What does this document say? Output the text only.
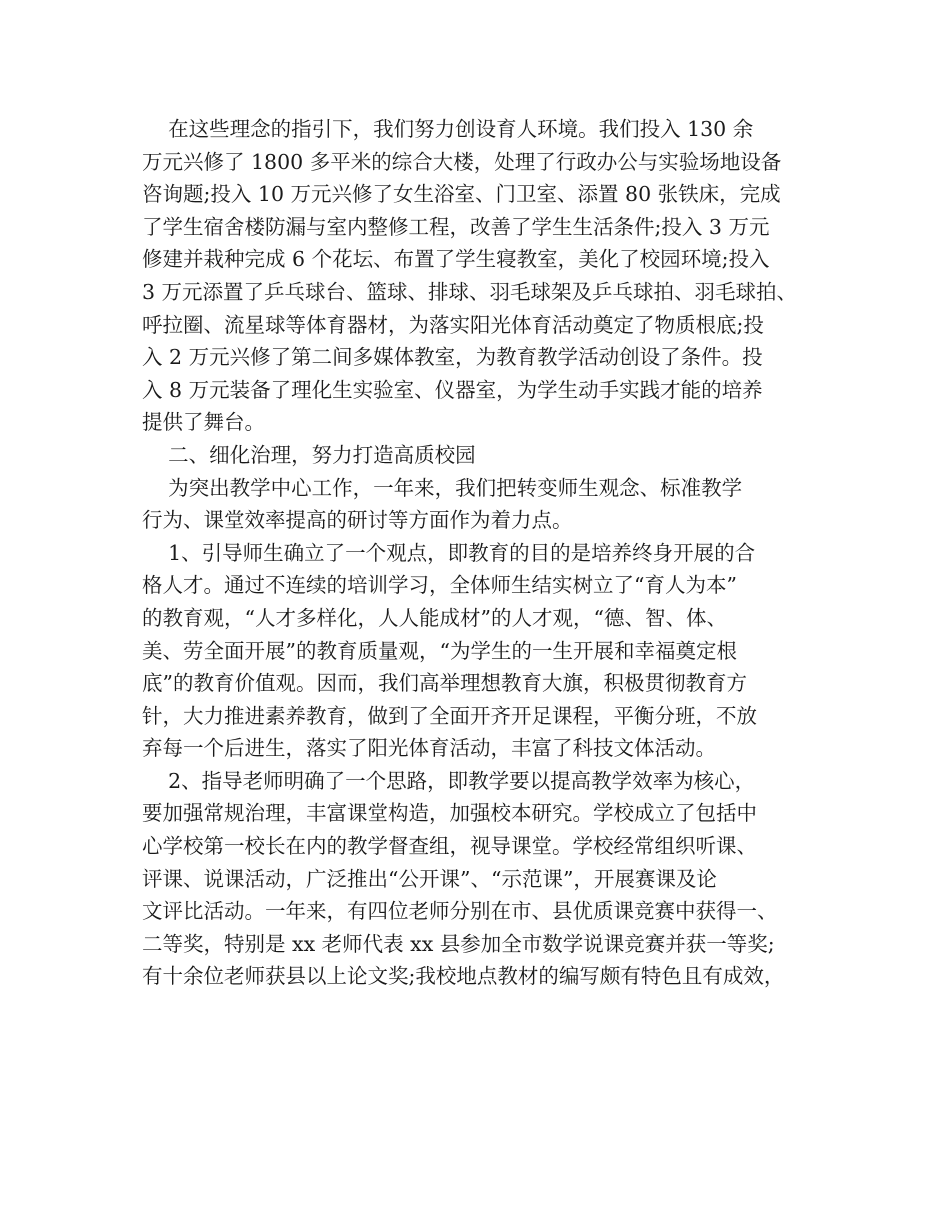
在这些理念的指引下，我们努力创设育人环境。我们投入 130 余
万元兴修了 1800 多平米的综合大楼，处理了行政办公与实验场地设备
咨询题;投入 10 万元兴修了女生浴室、门卫室、添置 80 张铁床，完成
了学生宿舍楼防漏与室内整修工程，改善了学生生活条件;投入 3 万元
修建并栽种完成 6 个花坛、布置了学生寝教室，美化了校园环境;投入
3 万元添置了乒乓球台、篮球、排球、羽毛球架及乒乓球拍、羽毛球拍、
呼拉圈、流星球等体育器材，为落实阳光体育活动奠定了物质根底;投
入 2 万元兴修了第二间多媒体教室，为教育教学活动创设了条件。投
入 8 万元装备了理化生实验室、仪器室，为学生动手实践才能的培养
提供了舞台。
二、细化治理，努力打造高质校园
为突出教学中心工作，一年来，我们把转变师生观念、标准教学
行为、课堂效率提高的研讨等方面作为着力点。
1、引导师生确立了一个观点，即教育的目的是培养终身开展的合
格人才。通过不连续的培训学习，全体师生结实树立了“育人为本”
的教育观，“人才多样化，人人能成材”的人才观，“德、智、体、
美、劳全面开展”的教育质量观，“为学生的一生开展和幸福奠定根
底”的教育价值观。因而，我们高举理想教育大旗，积极贯彻教育方
针，大力推进素养教育，做到了全面开齐开足课程，平衡分班，不放
弃每一个后进生，落实了阳光体育活动，丰富了科技文体活动。
2、指导老师明确了一个思路，即教学要以提高教学效率为核心，
要加强常规治理，丰富课堂构造，加强校本研究。学校成立了包括中
心学校第一校长在内的教学督查组，视导课堂。学校经常组织听课、
评课、说课活动，广泛推出“公开课”、“示范课”，开展赛课及论
文评比活动。一年来，有四位老师分别在市、县优质课竞赛中获得一、
二等奖，特别是 xx 老师代表 xx 县参加全市数学说课竞赛并获一等奖;
有十余位老师获县以上论文奖;我校地点教材的编写颇有特色且有成效，
